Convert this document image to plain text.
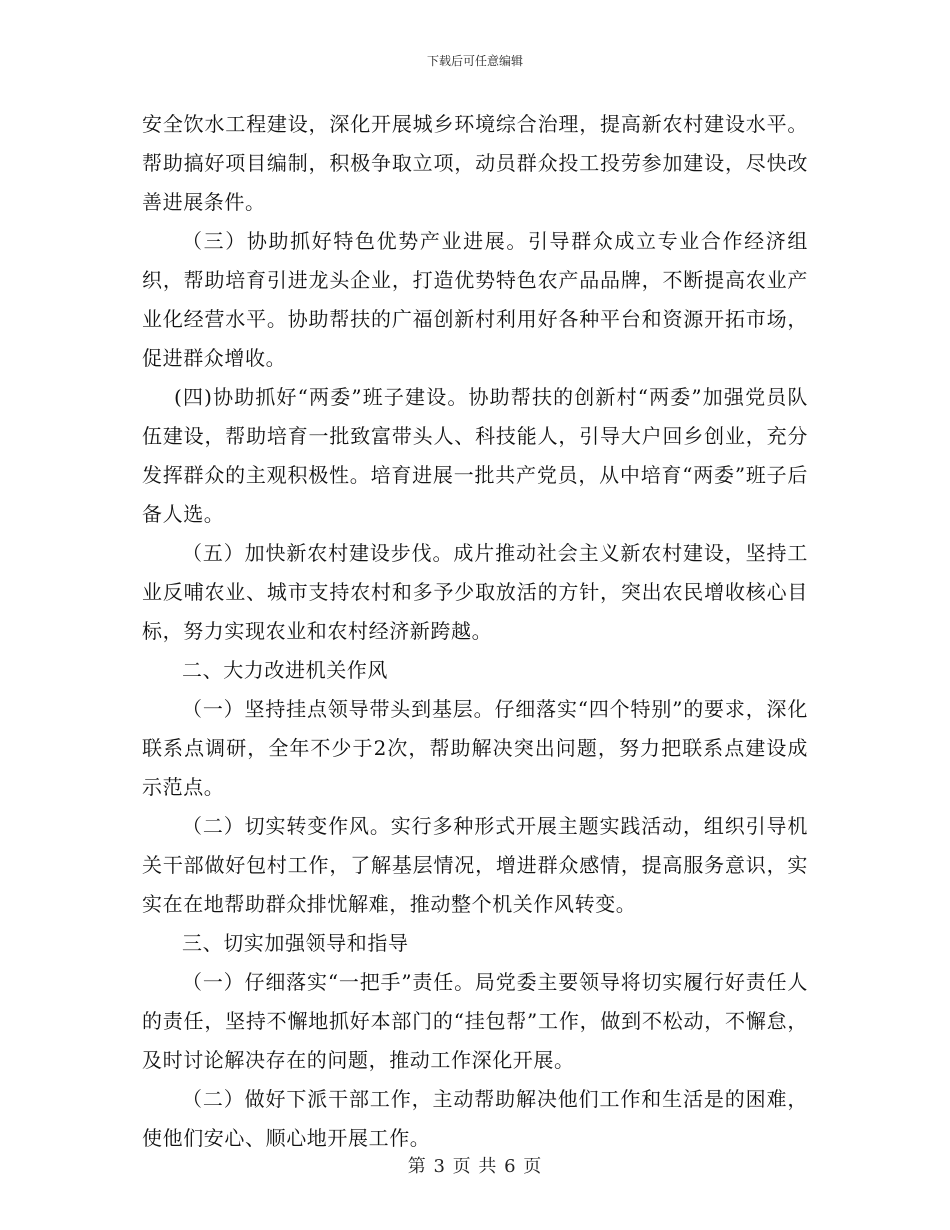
下载后可任意编辑

安全饮水工程建设，深化开展城乡环境综合治理，提高新农村建设水平。帮助搞好项目编制，积极争取立项，动员群众投工投劳参加建设，尽快改善进展条件。

（三）协助抓好特色优势产业进展。引导群众成立专业合作经济组织，帮助培育引进龙头企业，打造优势特色农产品品牌，不断提高农业产业化经营水平。协助帮扶的广福创新村利用好各种平台和资源开拓市场，促进群众增收。

(四)协助抓好“两委”班子建设。协助帮扶的创新村“两委”加强党员队伍建设，帮助培育一批致富带头人、科技能人，引导大户回乡创业，充分发挥群众的主观积极性。培育进展一批共产党员，从中培育“两委”班子后备人选。

（五）加快新农村建设步伐。成片推动社会主义新农村建设，坚持工业反哺农业、城市支持农村和多予少取放活的方针，突出农民增收核心目标，努力实现农业和农村经济新跨越。

二、大力改进机关作风

（一）坚持挂点领导带头到基层。仔细落实“四个特别”的要求，深化联系点调研，全年不少于2次，帮助解决突出问题，努力把联系点建设成示范点。

（二）切实转变作风。实行多种形式开展主题实践活动，组织引导机关干部做好包村工作，了解基层情况，增进群众感情，提高服务意识，实实在在地帮助群众排忧解难，推动整个机关作风转变。

三、切实加强领导和指导

（一）仔细落实“一把手”责任。局党委主要领导将切实履行好责任人的责任，坚持不懈地抓好本部门的“挂包帮”工作，做到不松动，不懈怠，及时讨论解决存在的问题，推动工作深化开展。

（二）做好下派干部工作，主动帮助解决他们工作和生活是的困难，使他们安心、顺心地开展工作。

第 3 页 共 6 页
